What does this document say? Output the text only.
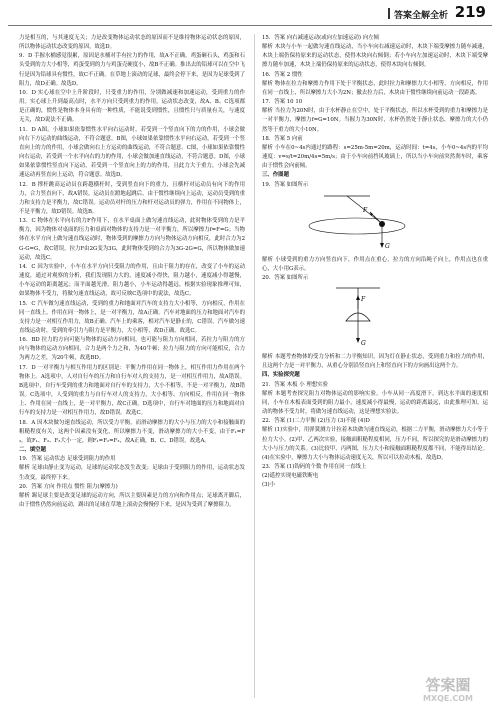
答案全解全析 219

力是相互的，与其速度无关；力是改变物体运动状态的原因而不是维持物体运动状态的原因，所以物体运动状态改变的原因，故选D。

9．D 手握水桶感觉很累，原因是水桶对手有拉力的作用，故A不正确。鸡蛋砸石头，鸡蛋和石头受到的力大小相等，鸡蛋受到的力与鸡蛋壳硬度小，故B不正确。推出去的铅球可以在空中飞行是因为铅球具有惯性，故C不正确。在草地上滚动的足球，最终会停下来，是因为足球受到了阻力，故D正确。故选D。

10．D 实心球在空中上升阶段时，只受重力的作用，分别做减速和加速运动，受到重力的作用。实心球上升到最高点时，水平方向只受到重力的作用，运动状态改变，故A、B、C选项都是正确的，惯性是物体本身具有的一种性质，不能说受到惯性，且惯性只与质量有关，与速度无关，故D说法不正确。

11．D A图，小球如果依靠惯性水平向右运动时，若受到一个竖直向下的力的作用，小球会做向右下方运动的曲线运动，不符合题意。B图，小球如果依靠惯性水平向右运动，若受到一个竖直向上的力的作用，小球会做向右上方运动的曲线运动，不符合题意。C图，小球如果依靠惯性向右运动，若受到一个水平向右的力的作用，小球会做加速直线运动，不符合题意。D图，小球如果依靠惯性竖直向下运动，若受到一个竖直向上的力的作用，且此力大于重力，小球会先减速运动再竖直向上运动，符合题意。故选D。

12．B 撑杆跳高运动员在跨越横杆时，受到竖直向下的重力，且横杆对运动员有向下的作用力，合力竖直向下，故A错误。运动员在蹬地起跳后，由于惯性继续向上运动，运动员受到的重力和支持力是平衡力，故C错误。运动员对杆的压力和杆对运动员的弹力，作用在不同物体上，不是平衡力，故D错误。故选B。

13．C 物体在水平向右的力F作用下，在水平桌面上做匀速直线运动，此时物体受到的力是平衡力，因为物体对桌面的压力和桌面对物体的支持力是一对平衡力，所以摩擦力f=F=G；当物体在水平方向上做匀速直线运动时，物体受到的摩擦力方向与物体运动方向相反，此时合力为2G-G=G，故C错误，拉力F由2G变为3G，此时物体受到的合力为3G-2G=G，所以物体做加速运动，故选C。

14．C 因为实验中，小车在水平方向只受阻力的作用，且由于阻力的存在，改变了小车的运动速度，通过对观察的分析，我们发现阻力大的，速度减小得快，阻力越小，速度减小得越慢，小车运动的距离越远；而平面越光滑，阻力越小，小车运动得越远。根据实验现象推理可知，如果物体不受力，将做匀速直线运动，故可反映C选项中的说法，故选C。

15．C 汽车做匀速直线运动，受到的重力和地面对汽车的支持力大小相等，方向相反，作用在同一直线上，作用在同一物体上，是一对平衡力，故A正确。汽车对地面的压力和地面对汽车的支持力是一对相互作用力，故B正确。汽车上的乘客，相对汽车是静止的，C错误。汽车做匀速直线运动时，受到的牵引力与阻力是平衡力，大小相等，故D正确。故选C。

16．BD 拉力的方向可能与物体的运动方向相同，也可能与阻力方向相同，若拉力与阻力的方向与物体的运动方向相同，合力是两个力之和，为40牛顿；拉力与阻力的方向可能相反，合力为两力之差，为20牛顿，故选BD。

17．D 一对平衡力与相互作用力的区别是：平衡力作用在同一物体上，相互作用力作用在两个物体上。A选项中，人对自行车的压力和自行车对人的支持力，是一对相互作用力，故A错误。B选项中，自行车受到的重力和地面对自行车的支持力，大小不相等，不是一对平衡力，故B错误。C选项中，人受到的重力与自行车对人的支持力，大小相等、方向相反、作用在同一物体上、作用在同一直线上，是一对平衡力，故C正确。D选项中，自行车对地面的压力和地面对自行车的支持力是一对相互作用力，故D错误。故选C。

18．A 因木块做匀速直线运动，所以受力平衡，而滑动摩擦力的大小与压力的大小和接触面的粗糙程度有关，这两个因素没有变化，所以摩擦力不变，滑动摩擦力的大小不变，由于F₁=F₂，故F₁、F₂、F₃大小一定，则F₁=F₂=F₃，故A正确，B、C、D错误。故选A。

二、填空题

19．答案 运动状态 足球受到阻力的作用

解析 足球由静止变为运动，足球的运动状态发生改变；足球由于受到阻力的作用，运动状态发生改变，最终停下来。

20．答案 方向 作用点 惯性 阻力(摩擦力)

解析 踢足球主要是改变足球的运动方向，所以主要因素是力的方向和作用点；足球离开脚后，由于惯性仍然向前运动，踢出的足球在草地上滚动会慢慢停下来，是因为受到了摩擦阻力。

15．答案 向右减速运动(或向左加速运动) 向左倾

解析 木块与小车一起做匀速直线运动，当小车向右减速运动时，木块下端受摩擦力随车减速，木块上端仍保持原来的运动状态，使得木块向右倾倒；若小车向左加速运动时，木块下端受摩擦力随车加速，木块上端仍保持原来的运动状态，使得木块向右倾倒。

16．答案 2 惯性

解析 物体在拉力和摩擦力作用下处于平衡状态，此时拉力和摩擦力大小相等，方向相反，作用在同一直线上，所以摩擦力大小为2N；撤去拉力后，木块由于惯性继续向前运动一段距离。

17．答案 10 10

解析 当拉力为20N时，由于水杯静止在空中，处于平衡状态，所以水杯受到的重力和摩擦力是一对平衡力，摩擦力f=G=10N。当握力为30N时，水杯仍然处于静止状态，摩擦力的大小仍然等于重力的大小10N。

18．答案 5 向前

解析 小车在0~4s内通过的路程：s=25m-5m=20m，运动时间：t=4s，小车0~4s内的平均速度：v=s/t=20m/4s=5m/s；由于小车向前挡风玻璃上，所以当小车向前突然刹车时，乘客由于惯性会向前倾。

三、作图题

19．答案 如图所示

F
G

解析 小球受到的重力方向竖直向下，作用点在重心，拉力的方向沿绳子向上，作用点也在重心，大小用G表示。

20．答案 如图所示

F
G

解析 本题考查物体的受力分析和二力平衡知识。因为灯在静止状态，受到重力和拉力的作用，且这两个力是一对平衡力，从重心分别沿竖直向上和竖直向下的方向画出这两个力。

四、实验探究题

21．答案 木板 小 理想实验

解析 本题考查探究阻力对物体运动的影响实验。小车从同一高度滑下，到达水平面的速度相同，小车在木板表面受到的阻力最小，速度减小得最慢，运动的距离最远，由此推理可知，运动的物体不受力时，将做匀速直线运动，这是理想实验法。

22．答案 (1)二力平衡 (2)压力 (3)不能 (4)D

解析 (1)实验中，用弹簧测力计拉着木块做匀速直线运动，根据二力平衡，滑动摩擦力大小等于拉力大小。(2)甲、乙两次实验，接触面粗糙程度相同，压力不同，所以探究的是滑动摩擦力的大小与压力的关系。(3)比较甲、丙两图，压力大小和接触面粗糙程度都不同，不能得出结论。(4)在实验中，摩擦力大小与物体运动速度无关，所以可以拉动木板，故选D。

23．答案 (1)钩码的个数 作用在同一直线上

(2)遥控实现电磁铁断电

(3)小

答案圈
MXQE.COM
